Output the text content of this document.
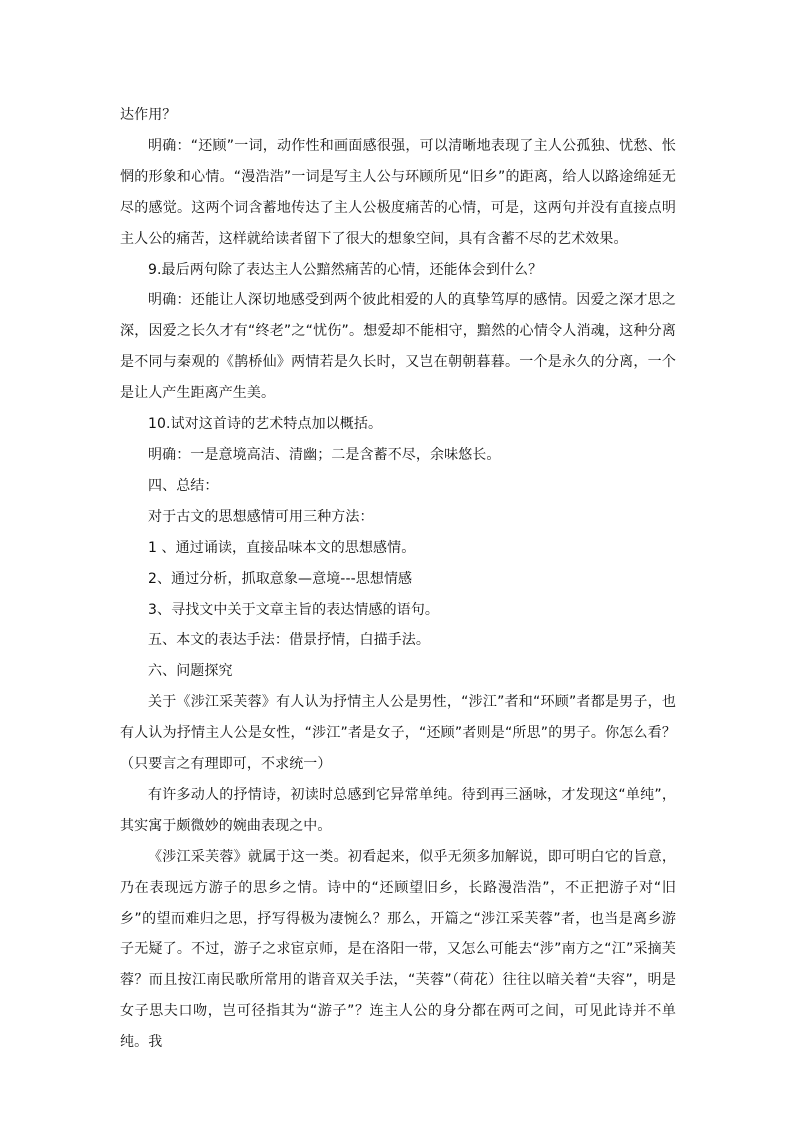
达作用？

明确：“还顾”一词，动作性和画面感很强，可以清晰地表现了主人公孤独、忧愁、怅惘的形象和心情。“漫浩浩”一词是写主人公与环顾所见“旧乡”的距离，给人以路途绵延无尽的感觉。这两个词含蓄地传达了主人公极度痛苦的心情，可是，这两句并没有直接点明主人公的痛苦，这样就给读者留下了很大的想象空间，具有含蓄不尽的艺术效果。

9.最后两句除了表达主人公黯然痛苦的心情，还能体会到什么？

明确：还能让人深切地感受到两个彼此相爱的人的真挚笃厚的感情。因爱之深才思之深，因爱之长久才有“终老”之“忧伤”。想爱却不能相守，黯然的心情令人消魂，这种分离是不同与秦观的《鹊桥仙》两情若是久长时，又岂在朝朝暮暮。一个是永久的分离，一个是让人产生距离产生美。

10.试对这首诗的艺术特点加以概括。

明确：一是意境高洁、清幽；二是含蓄不尽，余味悠长。

四、总结：

对于古文的思想感情可用三种方法：

1 、通过诵读，直接品味本文的思想感情。

2、通过分析，抓取意象—意境---思想情感

3、寻找文中关于文章主旨的表达情感的语句。

五、本文的表达手法：借景抒情，白描手法。

六、问题探究

关于《涉江采芙蓉》有人认为抒情主人公是男性，“涉江”者和“环顾”者都是男子，也有人认为抒情主人公是女性，“涉江”者是女子，“还顾”者则是“所思”的男子。你怎么看？（只要言之有理即可，不求统一）

有许多动人的抒情诗，初读时总感到它异常单纯。待到再三涵咏，才发现这“单纯”，其实寓于颇微妙的婉曲表现之中。

《涉江采芙蓉》就属于这一类。初看起来，似乎无须多加解说，即可明白它的旨意，乃在表现远方游子的思乡之情。诗中的“还顾望旧乡，长路漫浩浩”，不正把游子对“旧乡”的望而难归之思，抒写得极为凄惋么？那么，开篇之“涉江采芙蓉”者，也当是离乡游子无疑了。不过，游子之求宦京师，是在洛阳一带，又怎么可能去“涉”南方之“江”采摘芙蓉？而且按江南民歌所常用的谐音双关手法，“芙蓉”（荷花）往往以暗关着“夫容”，明是女子思夫口吻，岂可径指其为“游子”？连主人公的身分都在两可之间，可见此诗并不单纯。我
